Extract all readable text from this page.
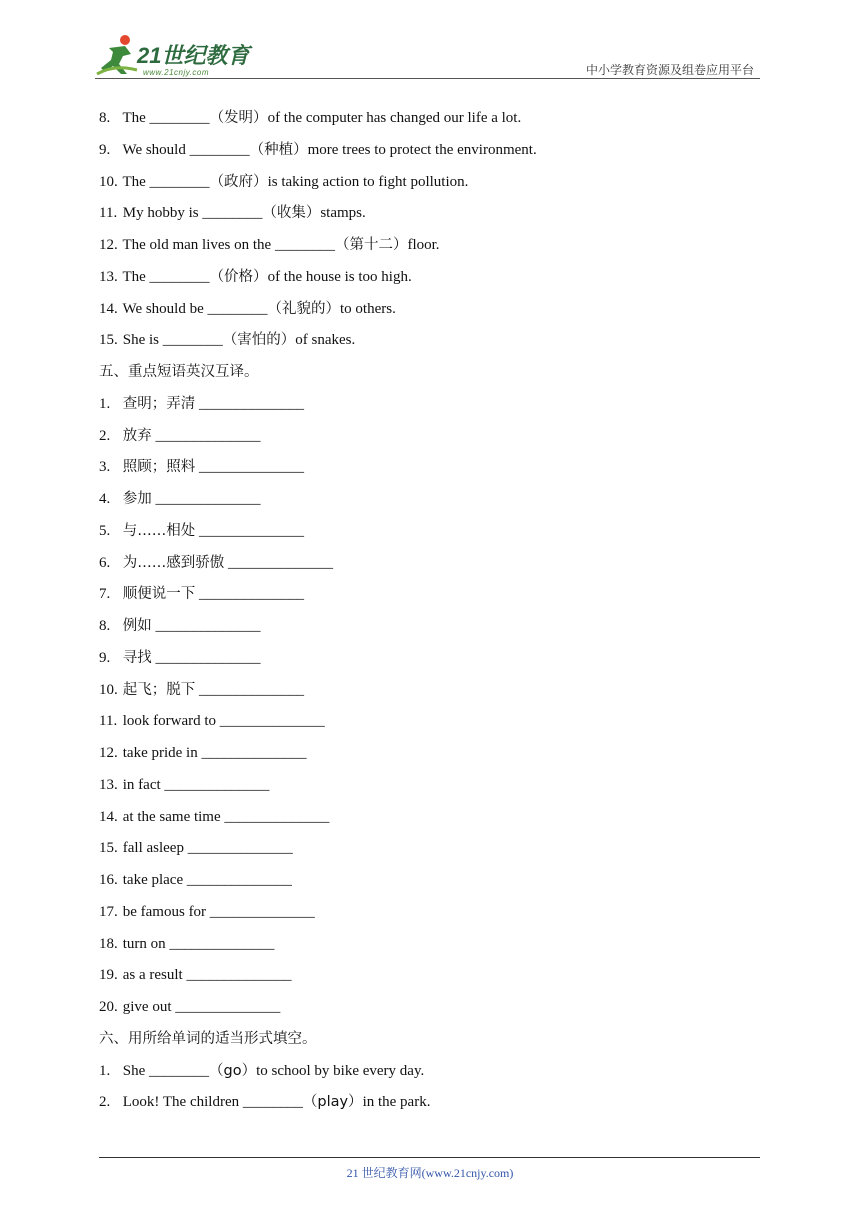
21世纪教育
www.21cnjy.com	中小学教育资源及组卷应用平台
8. The ________（发明）of the computer has changed our life a lot.
9. We should ________（种植）more trees to protect the environment.
10. The ________（政府）is taking action to fight pollution.
11. My hobby is ________（收集）stamps.
12. The old man lives on the ________（第十二）floor.
13. The ________（价格）of the house is too high.
14. We should be ________（礼貌的）to others.
15. She is ________（害怕的）of snakes.
五、重点短语英汉互译。
1. 查明；弄清 ______________
2. 放弃 ______________
3. 照顾；照料 ______________
4. 参加 ______________
5. 与……相处 ______________
6. 为……感到骄傲 ______________
7. 顺便说一下 ______________
8. 例如 ______________
9. 寻找 ______________
10. 起飞；脱下 ______________
11. look forward to ______________
12. take pride in ______________
13. in fact ______________
14. at the same time ______________
15. fall asleep ______________
16. take place ______________
17. be famous for ______________
18. turn on ______________
19. as a result ______________
20. give out ______________
六、用所给单词的适当形式填空。
1. She ________（go）to school by bike every day.
2. Look! The children ________（play）in the park.
21 世纪教育网(www.21cnjy.com)
